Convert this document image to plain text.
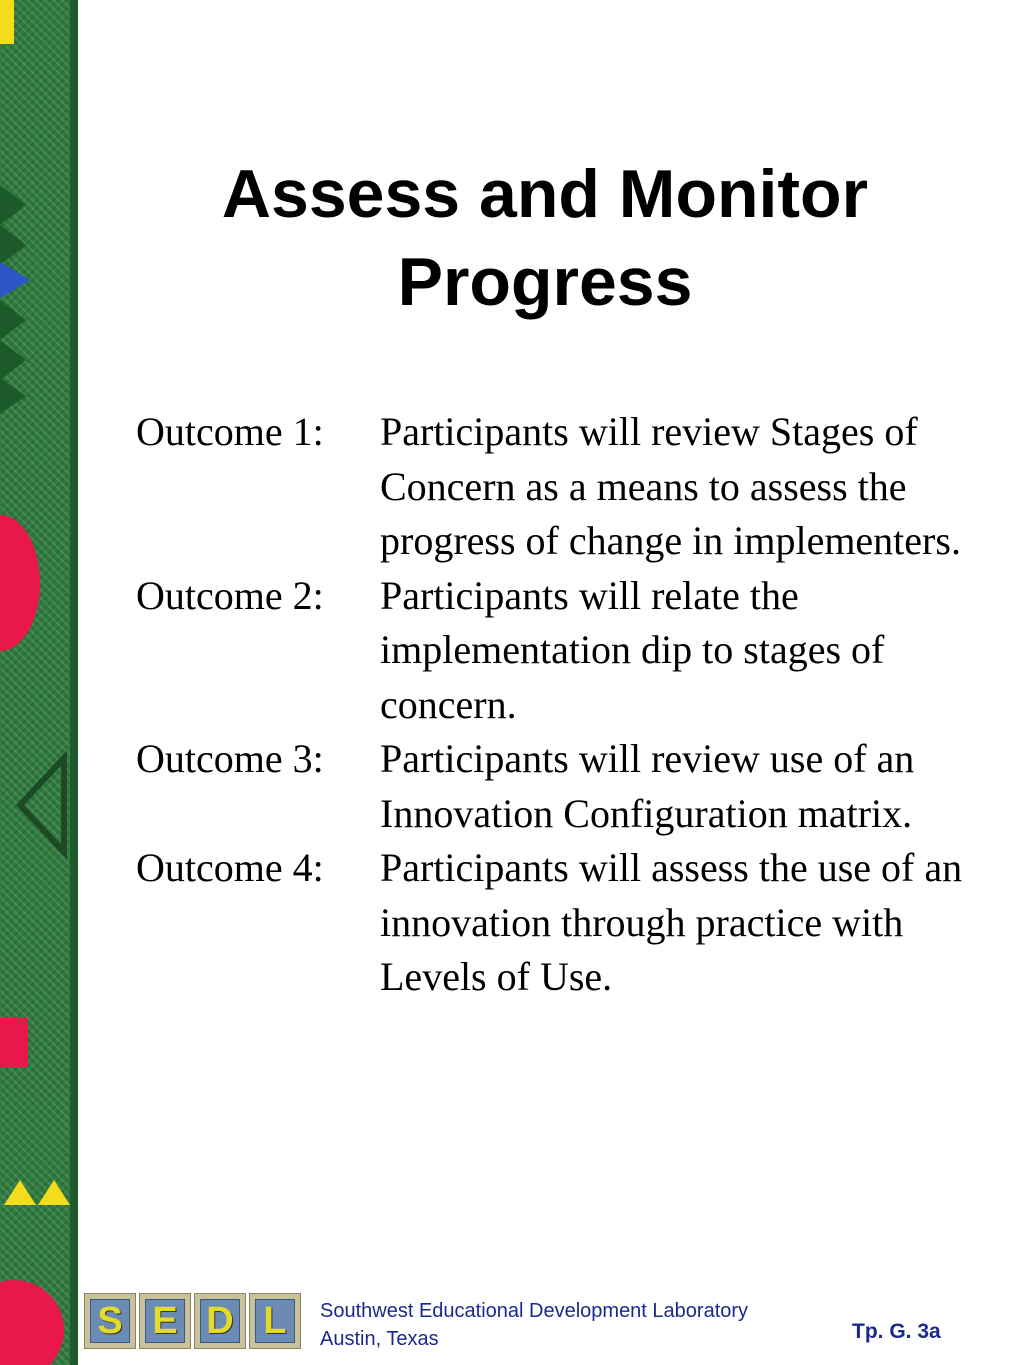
Assess and Monitor Progress
Outcome 1:	Participants will review Stages of Concern as a means to assess the progress of change in implementers.
Outcome 2:	Participants will relate the implementation dip to stages of concern.
Outcome 3:	Participants will review use of an Innovation Configuration matrix.
Outcome 4:	Participants will assess the use of an innovation through practice with Levels of Use.
S E D L	Southwest Educational Development Laboratory
Austin, Texas	Tp. G. 3a
